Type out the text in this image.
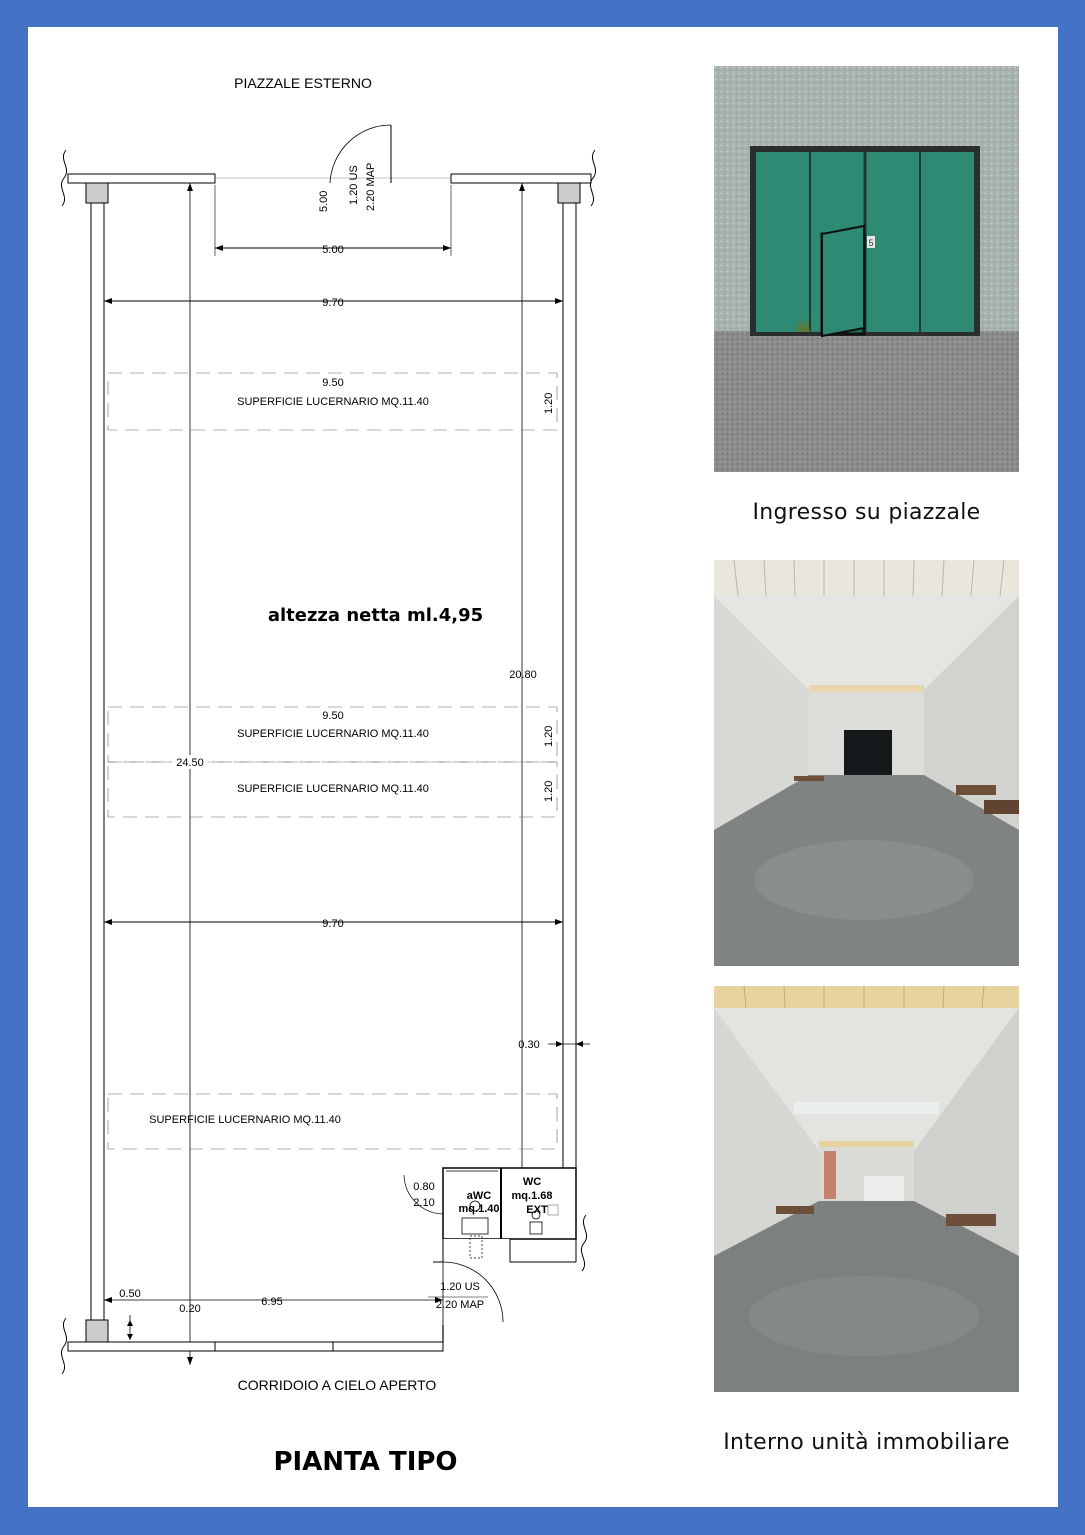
PIAZZALE ESTERNO
5.00
5.00 1.20 US 2.20 MAP
9.70
9.50
SUPERFICIE LUCERNARIO MQ.11.40	1.20
20.80
9.50
SUPERFICIE LUCERNARIO MQ.11.40	1.20
SUPERFICIE LUCERNARIO MQ.11.40	1.20
24.50
9.70
0.30
SUPERFICIE LUCERNARIO MQ.11.40
0.80
2.10
aWC
mq.1.40
WC
mq.1.68
EXT
0.50
0.20
6.95
1.20 US
2.20 MAP
CORRIDOIO A CIELO APERTO
altezza netta ml.4,95
PIANTA TIPO
5
Ingresso su piazzale
Interno unità immobiliare
